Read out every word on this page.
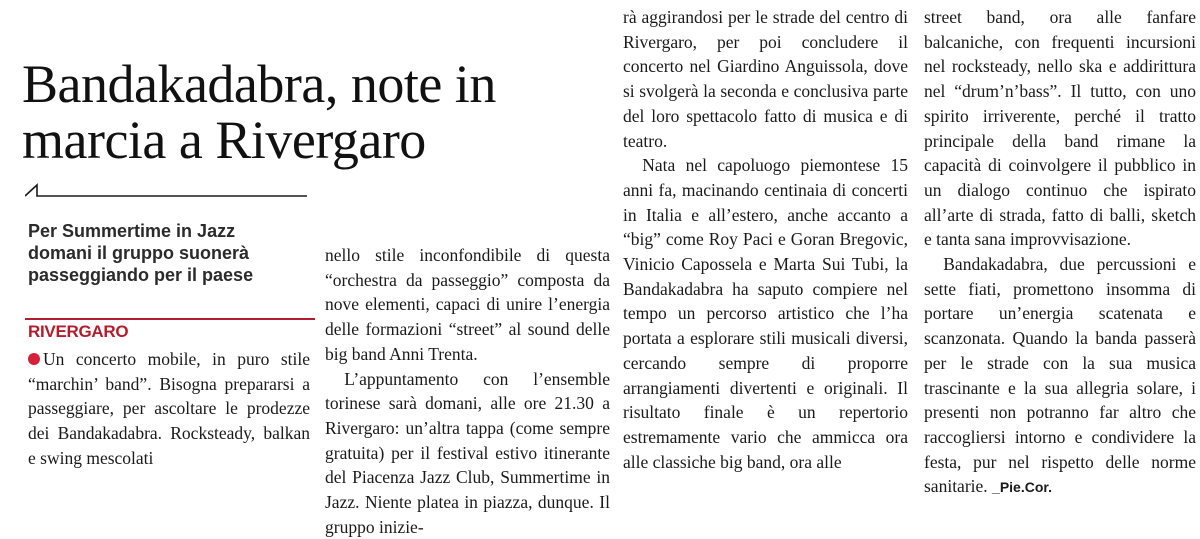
Bandakadabra, note in marcia a Rivergaro
Per Summertime in Jazz domani il gruppo suonerà passeggiando per il paese
RIVERGARO

Un concerto mobile, in puro stile “marchin’ band”. Bisogna prepararsi a passeggiare, per ascoltare le prodezze dei Bandakadabra. Rocksteady, balkan e swing mescolati

nello stile inconfondibile di questa “orchestra da passeggio” composta da nove elementi, capaci di unire l’energia delle formazioni “street” al sound delle big band Anni Trenta.

L’appuntamento con l’ensemble torinese sarà domani, alle ore 21.30 a Rivergaro: un’altra tappa (come sempre gratuita) per il festival estivo itinerante del Piacenza Jazz Club, Summertime in Jazz. Niente platea in piazza, dunque. Il gruppo inizie-

rà aggirandosi per le strade del centro di Rivergaro, per poi concludere il concerto nel Giardino Anguissola, dove si svolgerà la seconda e conclusiva parte del loro spettacolo fatto di musica e di teatro.

Nata nel capoluogo piemontese 15 anni fa, macinando centinaia di concerti in Italia e all’estero, anche accanto a “big” come Roy Paci e Goran Bregovic, Vinicio Capossela e Marta Sui Tubi, la Bandakadabra ha saputo compiere nel tempo un percorso artistico che l’ha portata a esplorare stili musicali diversi, cercando sempre di proporre arrangiamenti divertenti e originali. Il risultato finale è un repertorio estremamente vario che ammicca ora alle classiche big band, ora alle

street band, ora alle fanfare balcaniche, con frequenti incursioni nel rocksteady, nello ska e addirittura nel “drum’n’bass”. Il tutto, con uno spirito irriverente, perché il tratto principale della band rimane la capacità di coinvolgere il pubblico in un dialogo continuo che ispirato all’arte di strada, fatto di balli, sketch e tanta sana improvvisazione.

Bandakadabra, due percussioni e sette fiati, promettono insomma di portare un’energia scatenata e scanzonata. Quando la banda passerà per le strade con la sua musica trascinante e la sua allegria solare, i presenti non potranno far altro che raccogliersi intorno e condividere la festa, pur nel rispetto delle norme sanitarie. _Pie.Cor.
